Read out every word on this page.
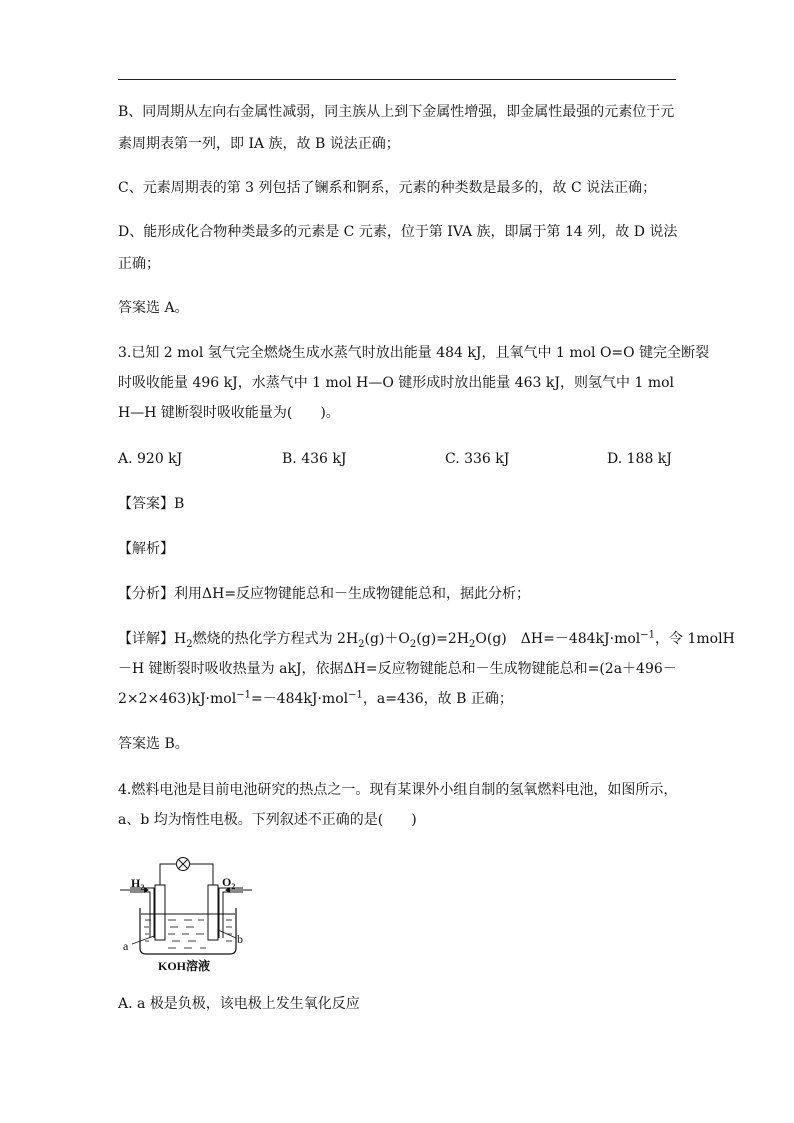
B、同周期从左向右金属性减弱，同主族从上到下金属性增强，即金属性最强的元素位于元素周期表第一列，即 IA 族，故 B 说法正确；
C、元素周期表的第 3 列包括了镧系和锕系，元素的种类数是最多的，故 C 说法正确；
D、能形成化合物种类最多的元素是 C 元素，位于第 IVA 族，即属于第 14 列，故 D 说法正确；
答案选 A。
3.已知 2 mol 氢气完全燃烧生成水蒸气时放出能量 484 kJ，且氧气中 1 mol O=O 键完全断裂
时吸收能量 496 kJ，水蒸气中 1 mol H—O 键形成时放出能量 463 kJ，则氢气中 1 mol
H—H 键断裂时吸收能量为(　　)。
A. 920 kJ	B. 436 kJ	C. 336 kJ	D. 188 kJ
【答案】B
【解析】
【分析】利用ΔH=反应物键能总和－生成物键能总和，据此分析；
【详解】$H_2$燃烧的热化学方程式为 $2H_2(g)+O_2(g)=2H_2O(g)$　ΔH=－484kJ·mol$^{-1}$，令 1molH
－H 键断裂时吸收热量为 akJ，依据ΔH=反应物键能总和－生成物键能总和=(2a＋496－
2×2×463)kJ·mol$^{-1}$=－484kJ·mol$^{-1}$，a=436，故 B 正确；
答案选 B。
4.燃料电池是目前电池研究的热点之一。现有某课外小组自制的氢氧燃料电池，如图所示，
a、b 均为惰性电极。下列叙述不正确的是(　　)
$H_2$	$O_2$
a	b
KOH溶液
A. a 极是负极，该电极上发生氧化反应
